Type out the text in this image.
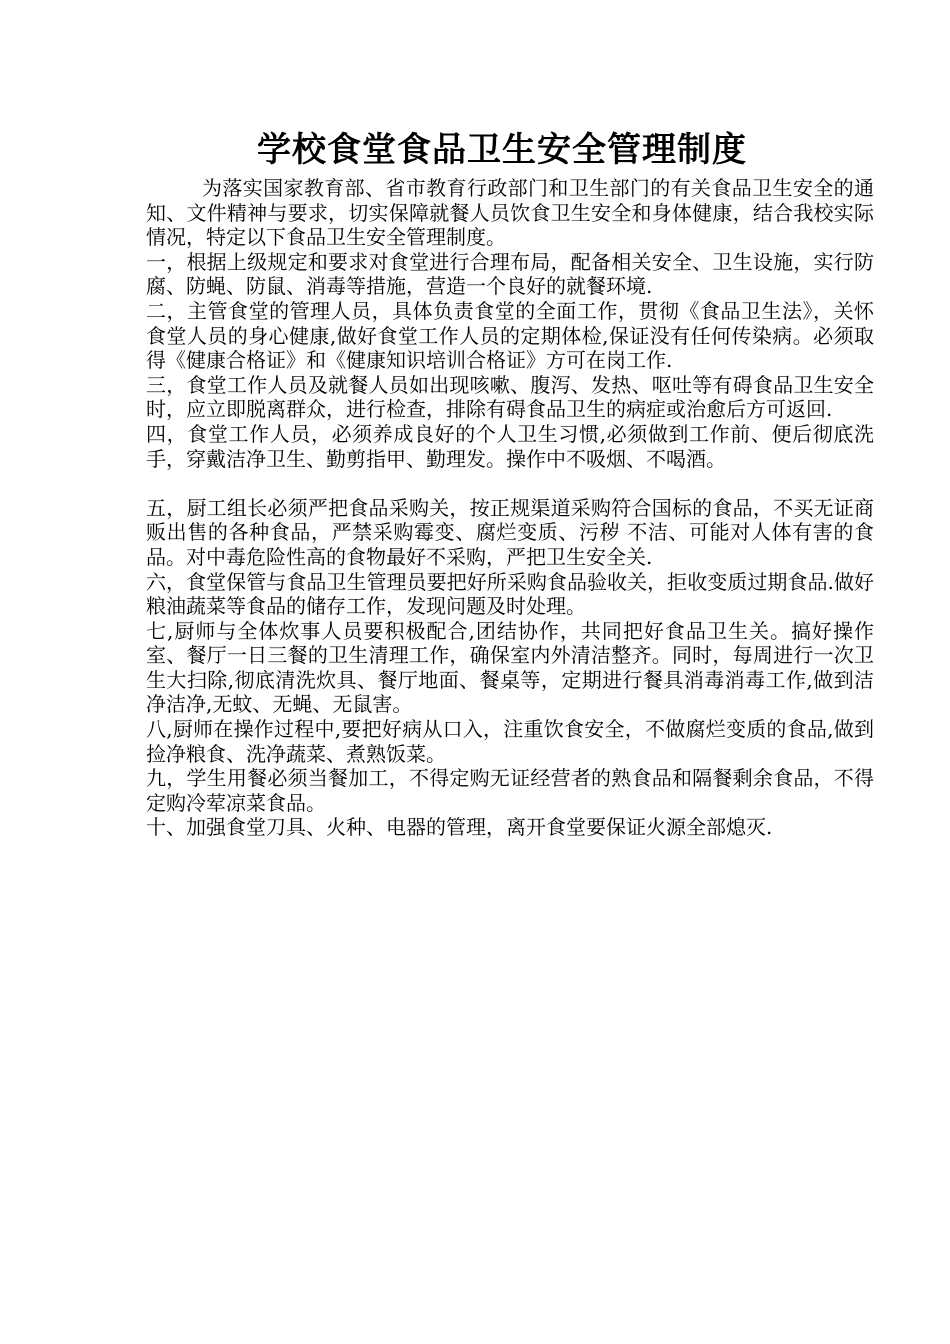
学校食堂食品卫生安全管理制度

为落实国家教育部、省市教育行政部门和卫生部门的有关食品卫生安全的通知、文件精神与要求，切实保障就餐人员饮食卫生安全和身体健康，结合我校实际情况，特定以下食品卫生安全管理制度。

一，根据上级规定和要求对食堂进行合理布局，配备相关安全、卫生设施，实行防腐、防蝇、防鼠、消毒等措施，营造一个良好的就餐环境.

二，主管食堂的管理人员，具体负责食堂的全面工作，贯彻《食品卫生法》，关怀食堂人员的身心健康,做好食堂工作人员的定期体检,保证没有任何传染病。必须取得《健康合格证》和《健康知识培训合格证》方可在岗工作.

三，食堂工作人员及就餐人员如出现咳嗽、腹泻、发热、呕吐等有碍食品卫生安全时，应立即脱离群众，进行检查，排除有碍食品卫生的病症或治愈后方可返回.

四，食堂工作人员，必须养成良好的个人卫生习惯,必须做到工作前、便后彻底洗手，穿戴洁净卫生、勤剪指甲、勤理发。操作中不吸烟、不喝酒。

五，厨工组长必须严把食品采购关，按正规渠道采购符合国标的食品，不买无证商贩出售的各种食品，严禁采购霉变、腐烂变质、污秽 不洁、可能对人体有害的食品。对中毒危险性高的食物最好不采购，严把卫生安全关.

六，食堂保管与食品卫生管理员要把好所采购食品验收关，拒收变质过期食品.做好粮油蔬菜等食品的储存工作，发现问题及时处理。

七,厨师与全体炊事人员要积极配合,团结协作，共同把好食品卫生关。搞好操作室、餐厅一日三餐的卫生清理工作，确保室内外清洁整齐。同时，每周进行一次卫生大扫除,彻底清洗炊具、餐厅地面、餐桌等，定期进行餐具消毒消毒工作,做到洁净洁净,无蚊、无蝇、无鼠害。

八,厨师在操作过程中,要把好病从口入，注重饮食安全，不做腐烂变质的食品,做到捡净粮食、洗净蔬菜、煮熟饭菜。

九，学生用餐必须当餐加工，不得定购无证经营者的熟食品和隔餐剩余食品，不得定购冷荤凉菜食品。

十、加强食堂刀具、火种、电器的管理，离开食堂要保证火源全部熄灭.
